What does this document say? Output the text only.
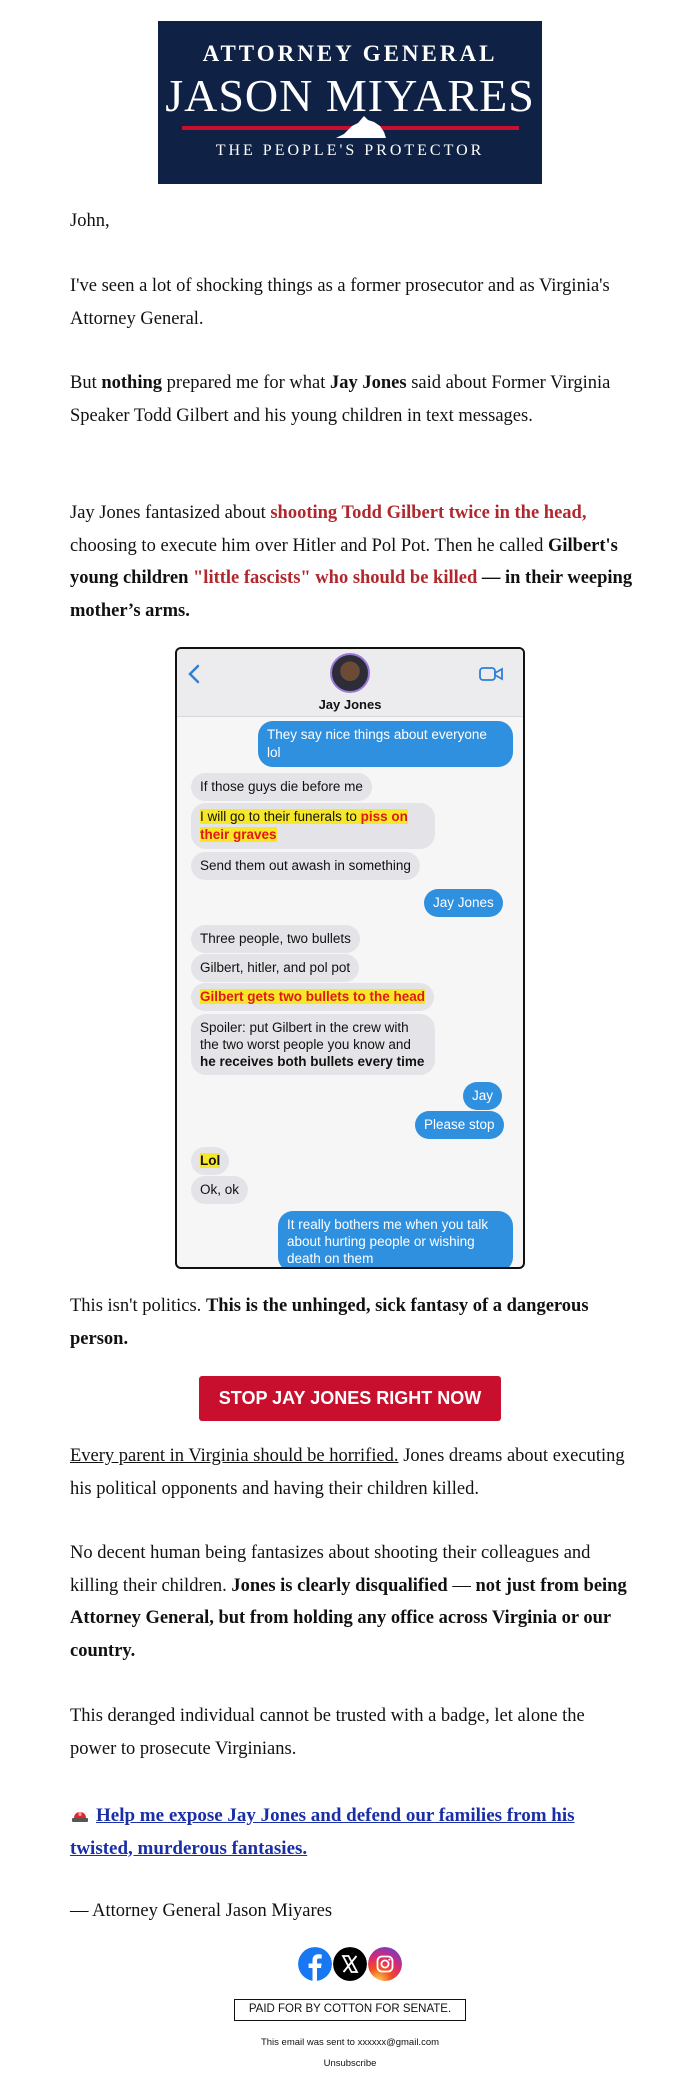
ATTORNEY GENERAL
JASON MIYARES
THE PEOPLE'S PROTECTOR
John,
I've seen a lot of shocking things as a former prosecutor and as Virginia's Attorney General.
But nothing prepared me for what Jay Jones said about Former Virginia Speaker Todd Gilbert and his young children in text messages.
Jay Jones fantasized about shooting Todd Gilbert twice in the head, choosing to execute him over Hitler and Pol Pot. Then he called Gilbert's young children "little fascists" who should be killed — in their weeping mother’s arms.
Jay Jones
They say nice things about everyone lol
If those guys die before me
I will go to their funerals to piss on their graves
Send them out awash in something
Jay Jones
Three people, two bullets
Gilbert, hitler, and pol pot
Gilbert gets two bullets to the head
Spoiler: put Gilbert in the crew with the two worst people you know and he receives both bullets every time
Jay
Please stop
Lol
Ok, ok
It really bothers me when you talk about hurting people or wishing death on them
This isn't politics. This is the unhinged, sick fantasy of a dangerous person.
STOP JAY JONES RIGHT NOW
Every parent in Virginia should be horrified. Jones dreams about executing his political opponents and having their children killed.
No decent human being fantasizes about shooting their colleagues and killing their children. Jones is clearly disqualified — not just from being Attorney General, but from holding any office across Virginia or our country.
This deranged individual cannot be trusted with a badge, let alone the power to prosecute Virginians.
Help me expose Jay Jones and defend our families from his twisted, murderous fantasies.
— Attorney General Jason Miyares
PAID FOR BY COTTON FOR SENATE.
This email was sent to xxxxxx@gmail.com
Unsubscribe
